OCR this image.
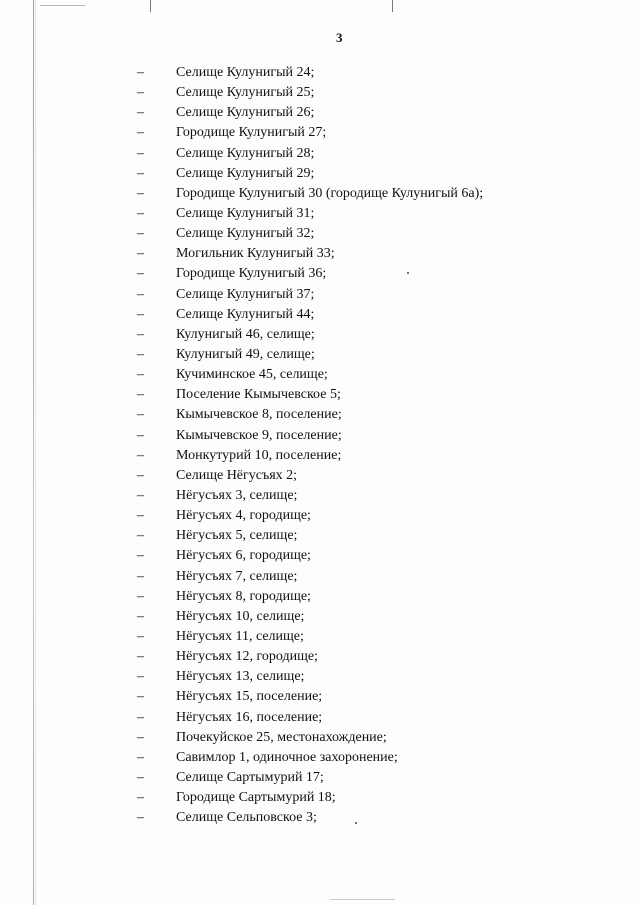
3
– Селище Кулунигый 24;
– Селище Кулунигый 25;
– Селище Кулунигый 26;
– Городище Кулунигый 27;
– Селище Кулунигый 28;
– Селище Кулунигый 29;
– Городище Кулунигый 30 (городище Кулунигый 6а);
– Селище Кулунигый 31;
– Селище Кулунигый 32;
– Могильник Кулунигый 33;
– Городище Кулунигый 36;
– Селище Кулунигый 37;
– Селище Кулунигый 44;
– Кулунигый 46, селище;
– Кулунигый 49, селище;
– Кучиминское 45, селище;
– Поселение Кымычевское 5;
– Кымычевское 8, поселение;
– Кымычевское 9, поселение;
– Монкутурий 10, поселение;
– Селище Нёгусъях 2;
– Нёгусъях 3, селище;
– Нёгусъях 4, городище;
– Нёгусъях 5, селище;
– Нёгусъях 6, городище;
– Нёгусъях 7, селище;
– Нёгусъях 8, городище;
– Нёгусъях 10, селище;
– Нёгусъях 11, селище;
– Нёгусъях 12, городище;
– Нёгусъях 13, селище;
– Нёгусъях 15, поселение;
– Нёгусъях 16, поселение;
– Почекуйское 25, местонахождение;
– Савимлор 1, одиночное захоронение;
– Селище Сартымурий 17;
– Городище Сартымурий 18;
– Селище Сельповское 3;
